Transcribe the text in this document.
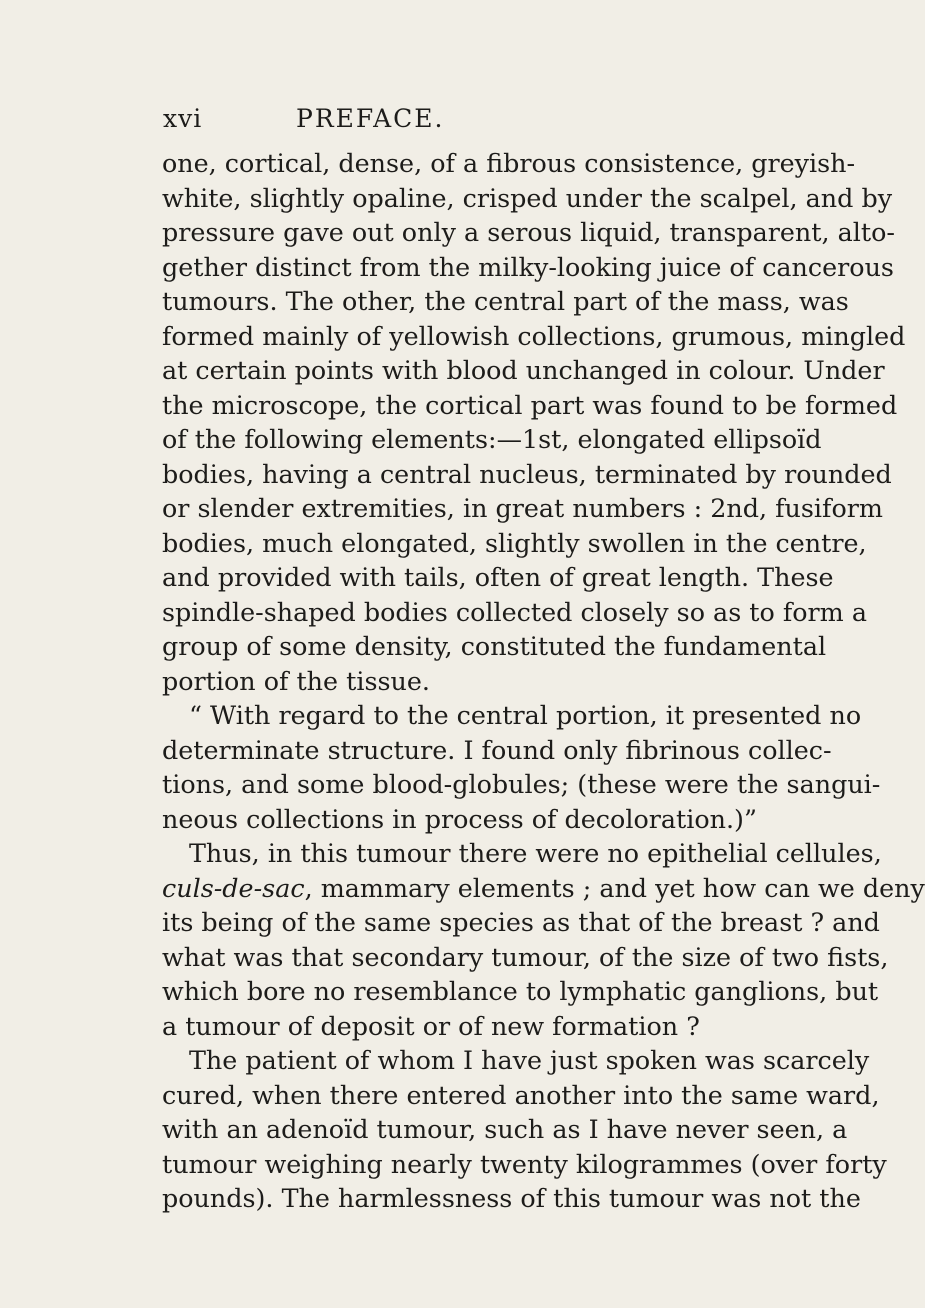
xvi	PREFACE.
one, cortical, dense, of a fibrous consistence, greyish-
white, slightly opaline, crisped under the scalpel, and by
pressure gave out only a serous liquid, transparent, alto-
gether distinct from the milky-looking juice of cancerous
tumours. The other, the central part of the mass, was
formed mainly of yellowish collections, grumous, mingled
at certain points with blood unchanged in colour. Under
the microscope, the cortical part was found to be formed
of the following elements:—1st, elongated ellipsoïd
bodies, having a central nucleus, terminated by rounded
or slender extremities, in great numbers : 2nd, fusiform
bodies, much elongated, slightly swollen in the centre,
and provided with tails, often of great length. These
spindle-shaped bodies collected closely so as to form a
group of some density, constituted the fundamental
portion of the tissue.
“ With regard to the central portion, it presented no
determinate structure. I found only fibrinous collec-
tions, and some blood-globules; (these were the sangui-
neous collections in process of decoloration.)”
Thus, in this tumour there were no epithelial cellules,
culs-de-sac, mammary elements ; and yet how can we deny
its being of the same species as that of the breast ? and
what was that secondary tumour, of the size of two fists,
which bore no resemblance to lymphatic ganglions, but
a tumour of deposit or of new formation ?
The patient of whom I have just spoken was scarcely
cured, when there entered another into the same ward,
with an adenoïd tumour, such as I have never seen, a
tumour weighing nearly twenty kilogrammes (over forty
pounds). The harmlessness of this tumour was not the
